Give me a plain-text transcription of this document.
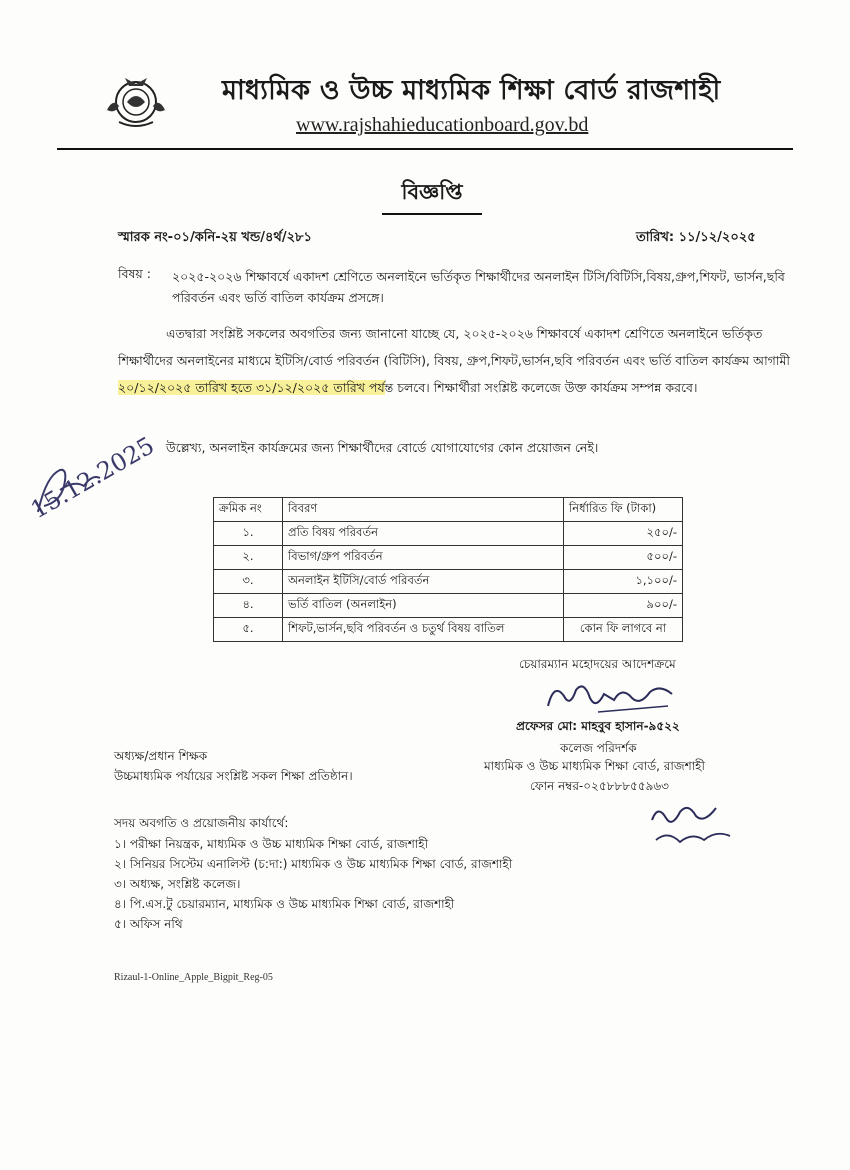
মাধ্যমিক ও উচ্চ মাধ্যমিক শিক্ষা বোর্ড রাজশাহী
www.rajshahieducationboard.gov.bd
বিজ্ঞপ্তি
স্মারক নং-০১/কনি-২য় খন্ড/৪র্থ/২৮১	তারিখ: ১১/১২/২০২৫
বিষয় : ২০২৫-২০২৬ শিক্ষাবর্ষে একাদশ শ্রেণিতে অনলাইনে ভর্তিকৃত শিক্ষার্থীদের অনলাইন টিসি/বিটিসি,বিষয়,গ্রুপ,শিফট, ভার্সন,ছবি পরিবর্তন এবং ভর্তি বাতিল কার্যক্রম প্রসঙ্গে।
এতদ্বারা সংশ্লিষ্ট সকলের অবগতির জন্য জানানো যাচ্ছে যে, ২০২৫-২০২৬ শিক্ষাবর্ষে একাদশ শ্রেণিতে অনলাইনে ভর্তিকৃত শিক্ষার্থীদের অনলাইনের মাধ্যমে ইটিসি/বোর্ড পরিবর্তন (বিটিসি), বিষয়, গ্রুপ,শিফট,ভার্সন,ছবি পরিবর্তন এবং ভর্তি বাতিল কার্যক্রম আগামী ২০/১২/২০২৫ তারিখ হতে ৩১/১২/২০২৫ তারিখ পর্যন্ত চলবে। শিক্ষার্থীরা সংশ্লিষ্ট কলেজে উক্ত কার্যক্রম সম্পন্ন করবে।
উল্লেখ্য, অনলাইন কার্যক্রমের জন্য শিক্ষার্থীদের বোর্ডে যোগাযোগের কোন প্রয়োজন নেই।
ক্রমিক নং	বিবরণ	নির্ধারিত ফি (টাকা)
১.	প্রতি বিষয় পরিবর্তন	২৫০/-
২.	বিভাগ/গ্রুপ পরিবর্তন	৫০০/-
৩.	অনলাইন ইটিসি/বোর্ড পরিবর্তন	১,১০০/-
৪.	ভর্তি বাতিল (অনলাইন)	৯০০/-
৫.	শিফট,ভার্সন,ছবি পরিবর্তন ও চতুর্থ বিষয় বাতিল	কোন ফি লাগবে না
চেয়ারম্যান মহোদয়ের আদেশক্রমে
প্রফেসর মো: মাহবুব হাসান-৯৫২২
কলেজ পরিদর্শক
মাধ্যমিক ও উচ্চ মাধ্যমিক শিক্ষা বোর্ড, রাজশাহী
ফোন নম্বর-০২৫৮৮৮৫৫৯৬৩
অধ্যক্ষ/প্রধান শিক্ষক
উচ্চমাধ্যমিক পর্যায়ের সংশ্লিষ্ট সকল শিক্ষা প্রতিষ্ঠান।
সদয় অবগতি ও প্রয়োজনীয় কার্যার্থে:
১। পরীক্ষা নিয়ন্ত্রক, মাধ্যমিক ও উচ্চ মাধ্যমিক শিক্ষা বোর্ড, রাজশাহী
২। সিনিয়র সিস্টেম এনালিস্ট (চ:দা:) মাধ্যমিক ও উচ্চ মাধ্যমিক শিক্ষা বোর্ড, রাজশাহী
৩। অধ্যক্ষ, সংশ্লিষ্ট কলেজ।
৪। পি.এস.টু চেয়ারম্যান, মাধ্যমিক ও উচ্চ মাধ্যমিক শিক্ষা বোর্ড, রাজশাহী
৫। অফিস নথি
Rizaul-1-Online_Apple_Bigpit_Reg-05
15.12.2025
